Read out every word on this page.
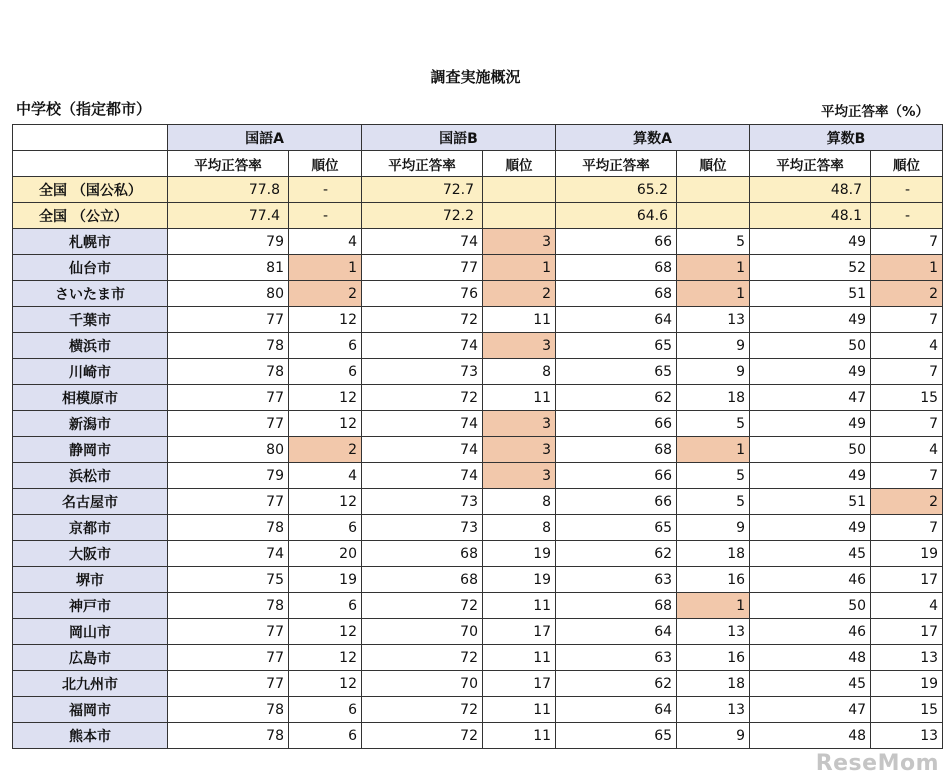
調査実施概況
中学校（指定都市）	平均正答率（%）
	国語A		国語B		算数A		算数B	
	平均正答率	順位	平均正答率	順位	平均正答率	順位	平均正答率	順位
全国 （国公私）	77.8	-	72.7		65.2		48.7	-
全国 （公立）	77.4	-	72.2		64.6		48.1	-
札幌市	79	4	74	3	66	5	49	7
仙台市	81	1	77	1	68	1	52	1
さいたま市	80	2	76	2	68	1	51	2
千葉市	77	12	72	11	64	13	49	7
横浜市	78	6	74	3	65	9	50	4
川崎市	78	6	73	8	65	9	49	7
相模原市	77	12	72	11	62	18	47	15
新潟市	77	12	74	3	66	5	49	7
静岡市	80	2	74	3	68	1	50	4
浜松市	79	4	74	3	66	5	49	7
名古屋市	77	12	73	8	66	5	51	2
京都市	78	6	73	8	65	9	49	7
大阪市	74	20	68	19	62	18	45	19
堺市	75	19	68	19	63	16	46	17
神戸市	78	6	72	11	68	1	50	4
岡山市	77	12	70	17	64	13	46	17
広島市	77	12	72	11	63	16	48	13
北九州市	77	12	70	17	62	18	45	19
福岡市	78	6	72	11	64	13	47	15
熊本市	78	6	72	11	65	9	48	13
ReseMom
